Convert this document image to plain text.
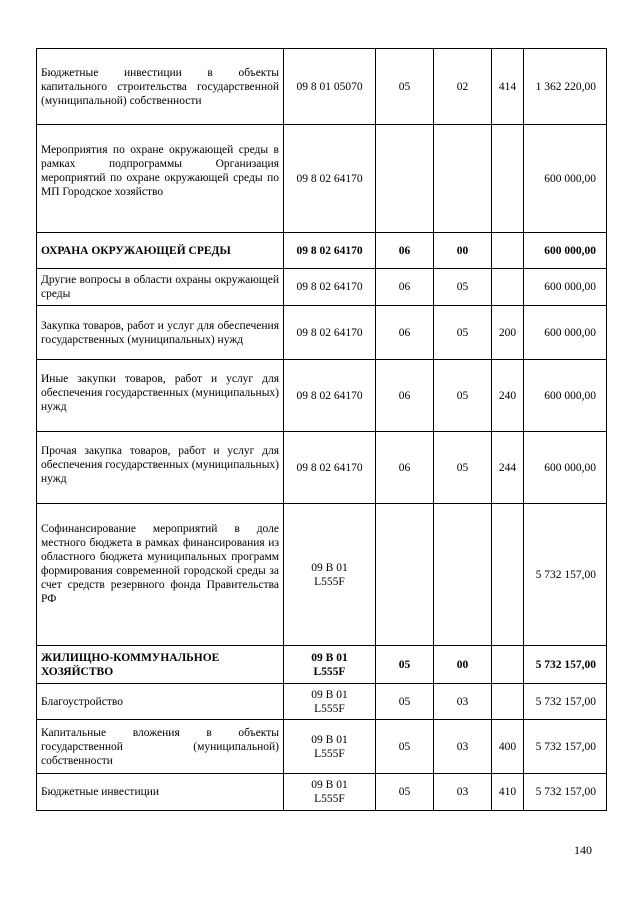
Бюджетные инвестиции в объекты капитального строительства государственной (муниципальной) собственности	09 8 01 05070	05	02	414	1 362 220,00
Мероприятия по охране окружающей среды в рамках подпрограммы Организация мероприятий по охране окружающей среды по МП Городское хозяйство	09 8 02 64170				600 000,00
ОХРАНА ОКРУЖАЮЩЕЙ СРЕДЫ	09 8 02 64170	06	00		600 000,00
Другие вопросы в области охраны окружающей среды	09 8 02 64170	06	05		600 000,00
Закупка товаров, работ и услуг для обеспечения государственных (муниципальных) нужд	09 8 02 64170	06	05	200	600 000,00
Иные закупки товаров, работ и услуг для обеспечения государственных (муниципальных) нужд	09 8 02 64170	06	05	240	600 000,00
Прочая закупка товаров, работ и услуг для обеспечения государственных (муниципальных) нужд	09 8 02 64170	06	05	244	600 000,00
Софинансирование мероприятий в доле местного бюджета в рамках финансирования из областного бюджета муниципальных программ формирования современной городской среды за счет средств резервного фонда Правительства РФ	09 В 01 L555F				5 732 157,00
ЖИЛИЩНО-КОММУНАЛЬНОЕ ХОЗЯЙСТВО	09 В 01 L555F	05	00		5 732 157,00
Благоустройство	09 В 01 L555F	05	03		5 732 157,00
Капитальные вложения в объекты государственной (муниципальной) собственности	09 В 01 L555F	05	03	400	5 732 157,00
Бюджетные инвестиции	09 В 01 L555F	05	03	410	5 732 157,00
140
